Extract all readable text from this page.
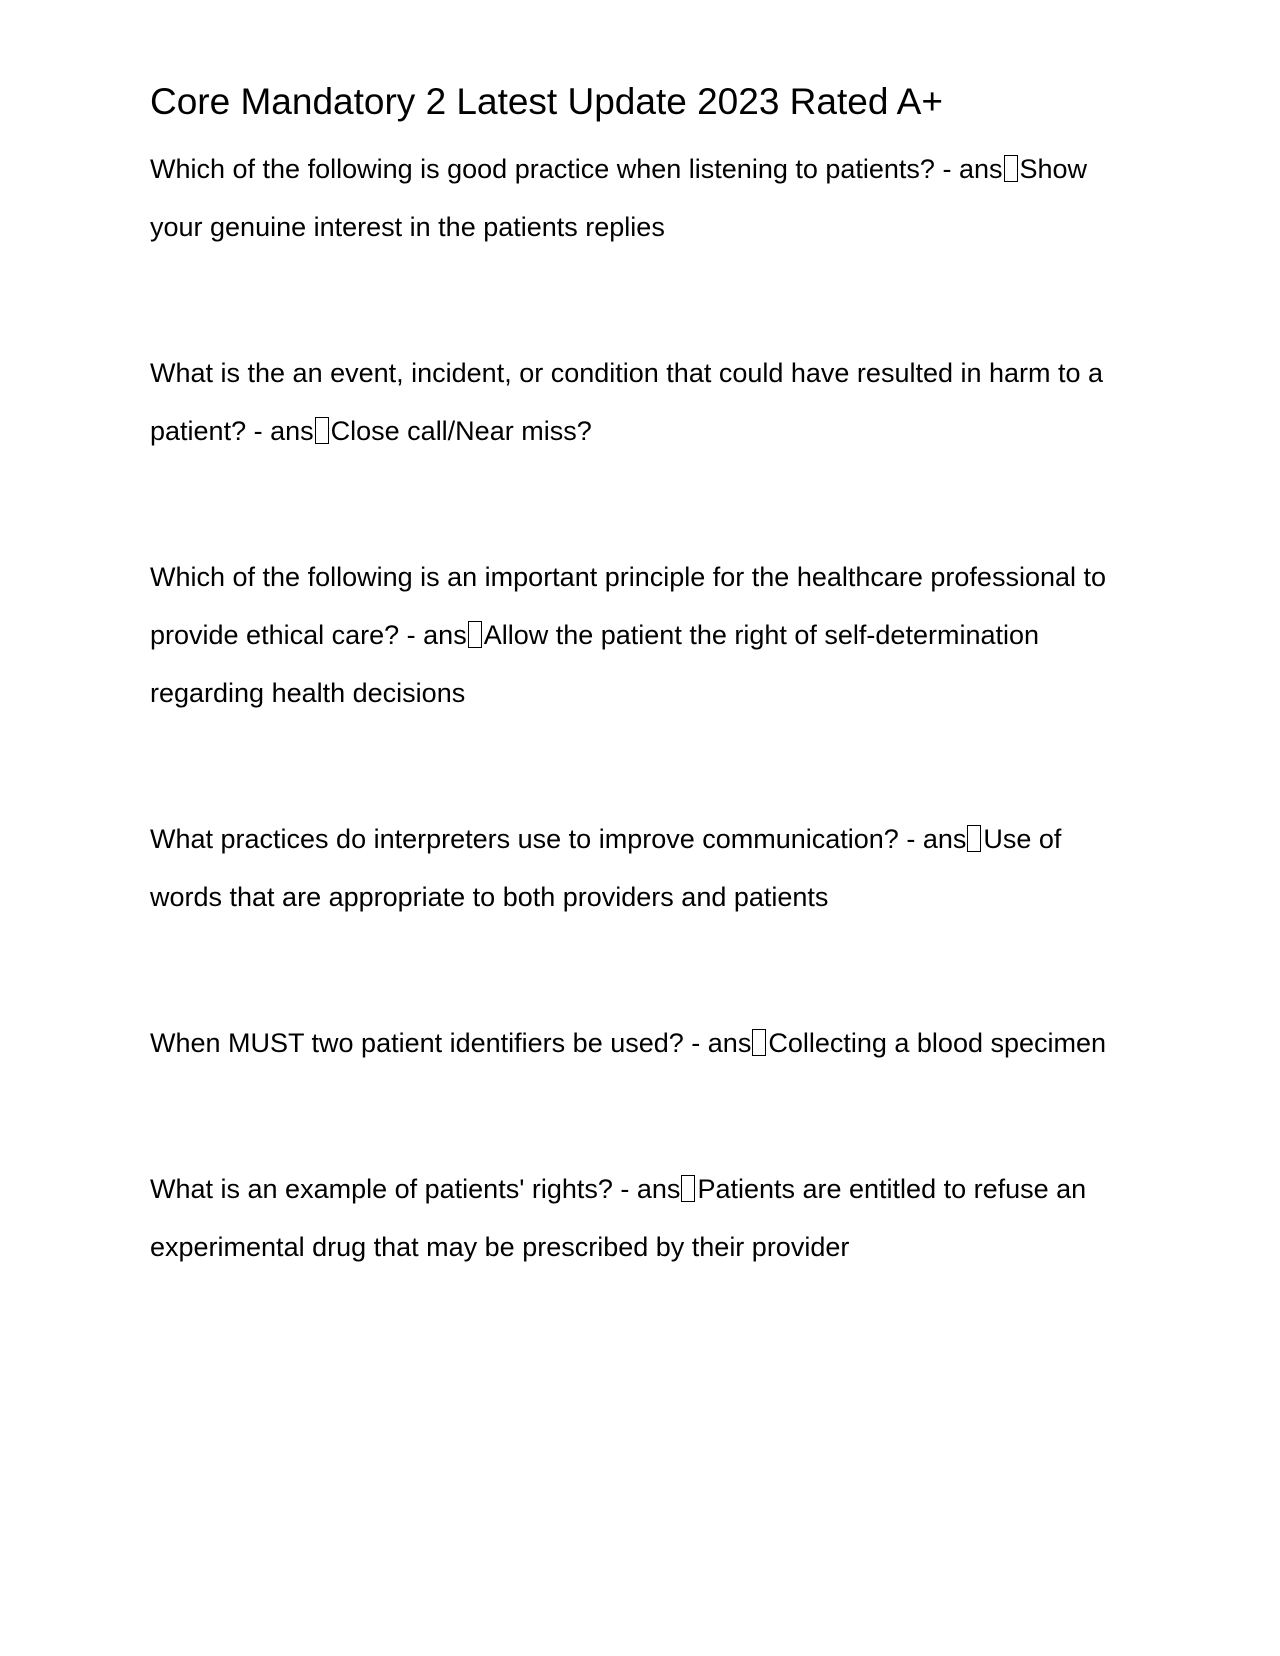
Core Mandatory 2 Latest Update 2023 Rated A+

Which of the following is good practice when listening to patients? - ans Show your genuine interest in the patients replies

What is the an event, incident, or condition that could have resulted in harm to a patient? - ans Close call/Near miss?

Which of the following is an important principle for the healthcare professional to provide ethical care? - ans Allow the patient the right of self-determination regarding health decisions

What practices do interpreters use to improve communication? - ans Use of words that are appropriate to both providers and patients

When MUST two patient identifiers be used? - ans Collecting a blood specimen

What is an example of patients' rights? - ans Patients are entitled to refuse an experimental drug that may be prescribed by their provider
